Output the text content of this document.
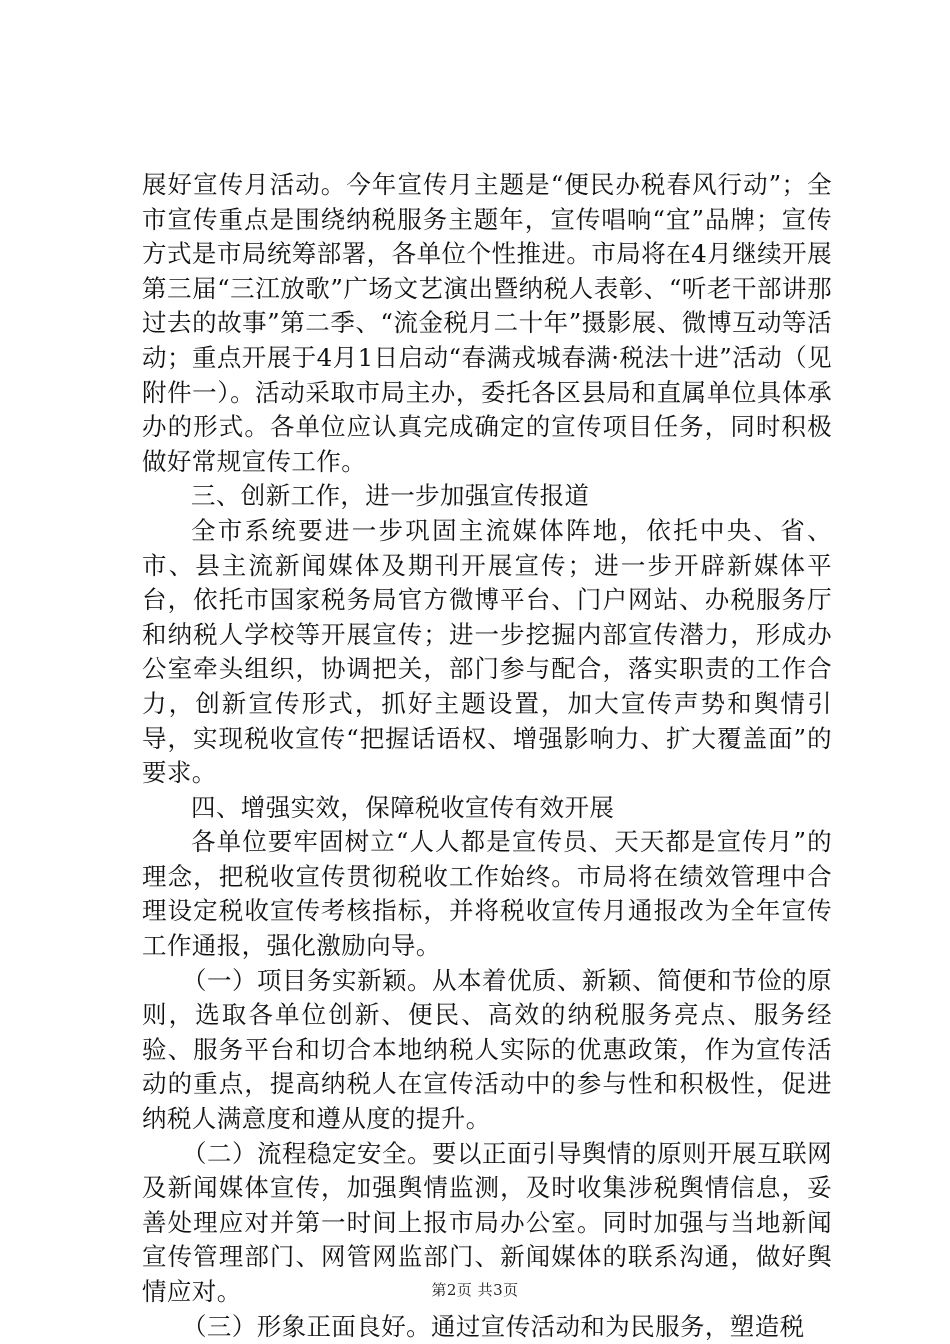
展好宣传月活动。今年宣传月主题是“便民办税春风行动”；全市宣传重点是围绕纳税服务主题年，宣传唱响“宜”品牌；宣传方式是市局统筹部署，各单位个性推进。市局将在4月继续开展第三届“三江放歌”广场文艺演出暨纳税人表彰、“听老干部讲那过去的故事”第二季、“流金税月二十年”摄影展、微博互动等活动；重点开展于4月1日启动“春满戎城春满·税法十进”活动（见附件一）。活动采取市局主办，委托各区县局和直属单位具体承办的形式。各单位应认真完成确定的宣传项目任务，同时积极做好常规宣传工作。

三、创新工作，进一步加强宣传报道

全市系统要进一步巩固主流媒体阵地，依托中央、省、市、县主流新闻媒体及期刊开展宣传；进一步开辟新媒体平台，依托市国家税务局官方微博平台、门户网站、办税服务厅和纳税人学校等开展宣传；进一步挖掘内部宣传潜力，形成办公室牵头组织，协调把关，部门参与配合，落实职责的工作合力，创新宣传形式，抓好主题设置，加大宣传声势和舆情引导，实现税收宣传“把握话语权、增强影响力、扩大覆盖面”的要求。

四、增强实效，保障税收宣传有效开展

各单位要牢固树立“人人都是宣传员、天天都是宣传月”的理念，把税收宣传贯彻税收工作始终。市局将在绩效管理中合理设定税收宣传考核指标，并将税收宣传月通报改为全年宣传工作通报，强化激励向导。

（一）项目务实新颖。从本着优质、新颖、简便和节俭的原则，选取各单位创新、便民、高效的纳税服务亮点、服务经验、服务平台和切合本地纳税人实际的优惠政策，作为宣传活动的重点，提高纳税人在宣传活动中的参与性和积极性，促进纳税人满意度和遵从度的提升。

（二）流程稳定安全。要以正面引导舆情的原则开展互联网及新闻媒体宣传，加强舆情监测，及时收集涉税舆情信息，妥善处理应对并第一时间上报市局办公室。同时加强与当地新闻宣传管理部门、网管网监部门、新闻媒体的联系沟通，做好舆情应对。

（三）形象正面良好。通过宣传活动和为民服务，塑造税

第2页 共3页
